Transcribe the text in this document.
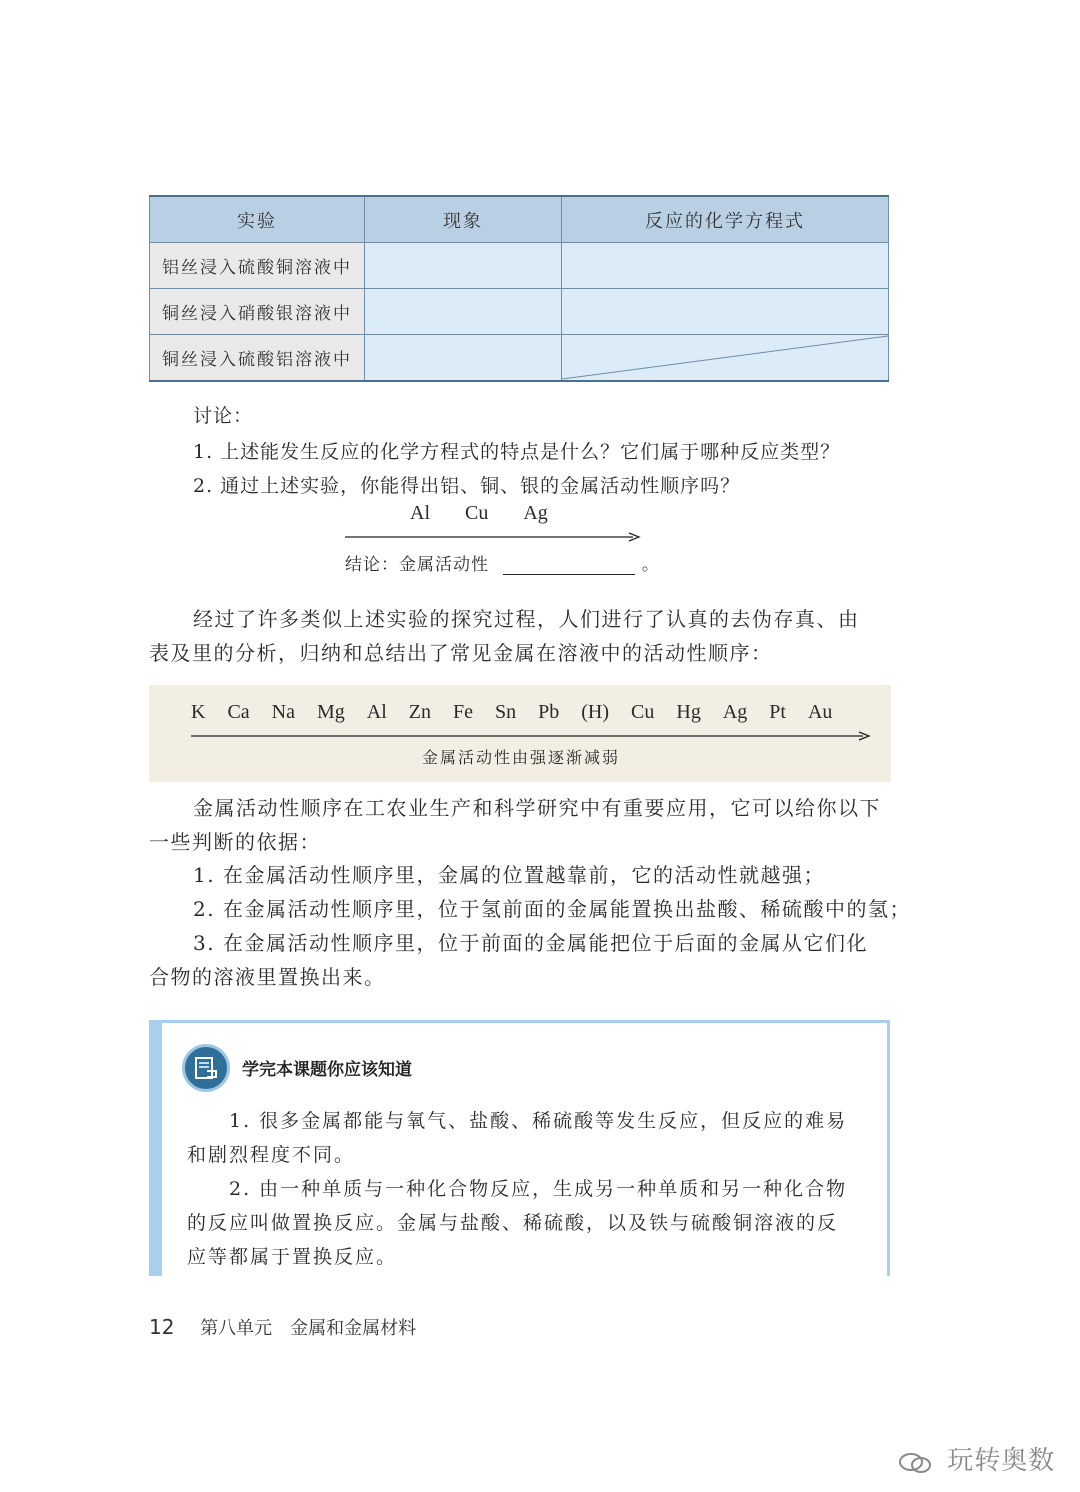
实验	现象	反应的化学方程式
铝丝浸入硫酸铜溶液中		
铜丝浸入硝酸银溶液中		
铜丝浸入硫酸铝溶液中		
讨论：
1. 上述能发生反应的化学方程式的特点是什么？它们属于哪种反应类型？
2. 通过上述实验，你能得出铝、铜、银的金属活动性顺序吗？
Al Cu Ag
结论：金属活动性	。
经过了许多类似上述实验的探究过程，人们进行了认真的去伪存真、由
表及里的分析，归纳和总结出了常见金属在溶液中的活动性顺序：
K Ca Na Mg Al Zn Fe Sn Pb (H) Cu Hg Ag Pt Au
金属活动性由强逐渐减弱
金属活动性顺序在工农业生产和科学研究中有重要应用，它可以给你以下
一些判断的依据：
1. 在金属活动性顺序里，金属的位置越靠前，它的活动性就越强；
2. 在金属活动性顺序里，位于氢前面的金属能置换出盐酸、稀硫酸中的氢；
3. 在金属活动性顺序里，位于前面的金属能把位于后面的金属从它们化
合物的溶液里置换出来。
学完本课题你应该知道
1. 很多金属都能与氧气、盐酸、稀硫酸等发生反应，但反应的难易
和剧烈程度不同。
2. 由一种单质与一种化合物反应，生成另一种单质和另一种化合物
的反应叫做置换反应。金属与盐酸、稀硫酸，以及铁与硫酸铜溶液的反
应等都属于置换反应。
12 第八单元　金属和金属材料
玩转奥数
